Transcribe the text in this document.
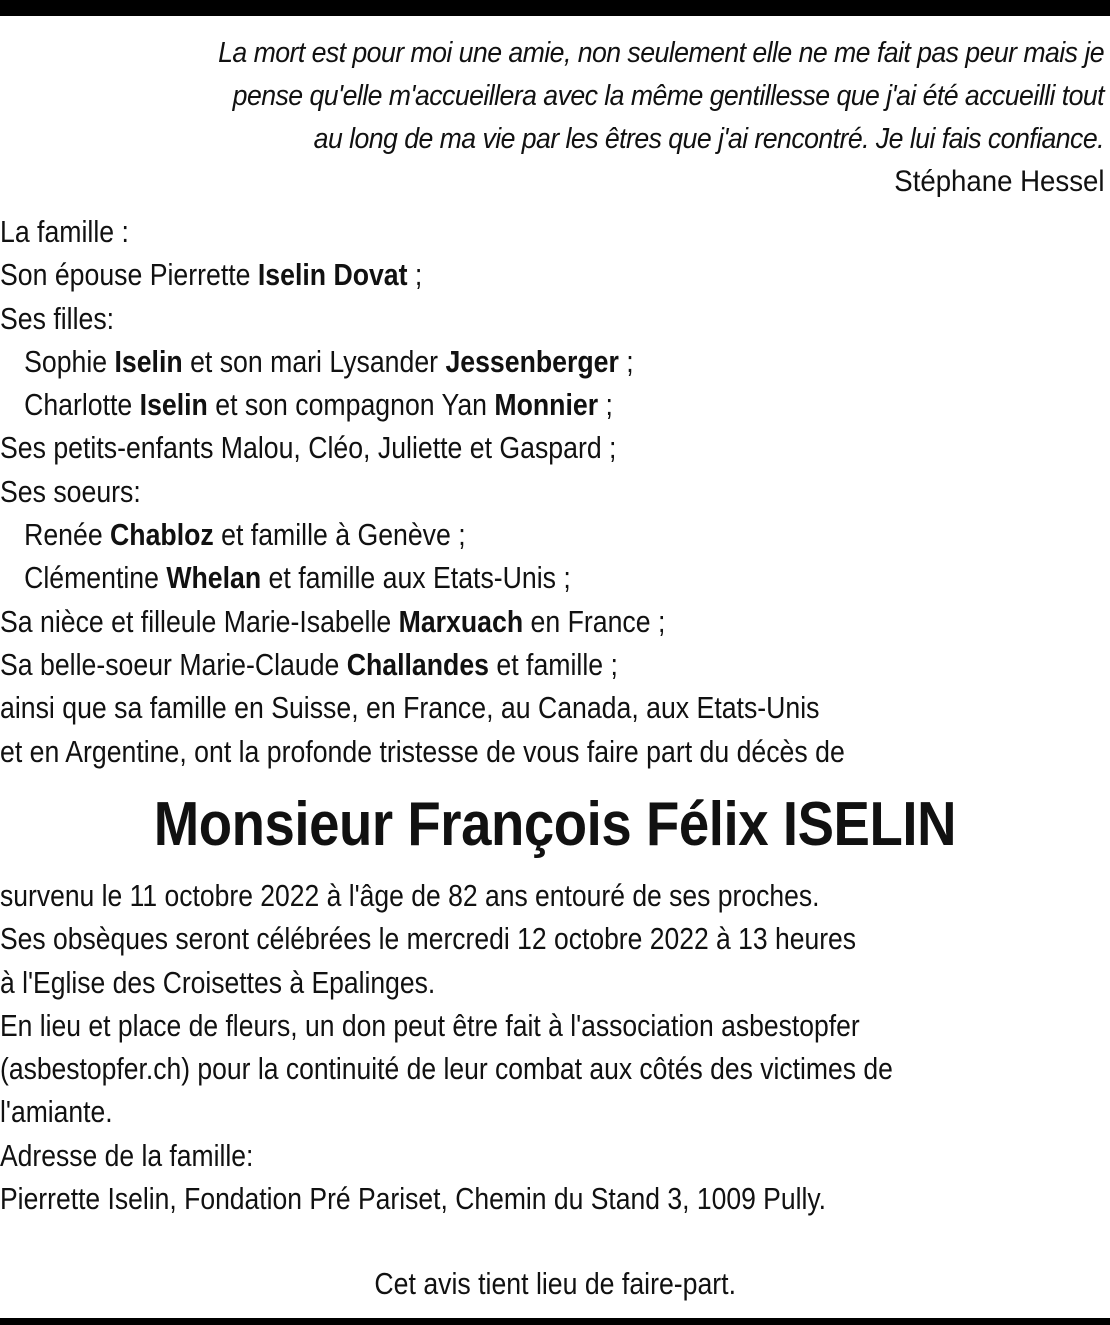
La mort est pour moi une amie, non seulement elle ne me fait pas peur mais je
pense qu'elle m'accueillera avec la même gentillesse que j'ai été accueilli tout
au long de ma vie par les êtres que j'ai rencontré. Je lui fais confiance.
Stéphane Hessel
La famille :
Son épouse Pierrette Iselin Dovat ;
Ses filles:
Sophie Iselin et son mari Lysander Jessenberger ;
Charlotte Iselin et son compagnon Yan Monnier ;
Ses petits-enfants Malou, Cléo, Juliette et Gaspard ;
Ses soeurs:
Renée Chabloz et famille à Genève ;
Clémentine Whelan et famille aux Etats-Unis ;
Sa nièce et filleule Marie-Isabelle Marxuach en France ;
Sa belle-soeur Marie-Claude Challandes et famille ;
ainsi que sa famille en Suisse, en France, au Canada, aux Etats-Unis
et en Argentine, ont la profonde tristesse de vous faire part du décès de
Monsieur François Félix ISELIN
survenu le 11 octobre 2022 à l'âge de 82 ans entouré de ses proches.
Ses obsèques seront célébrées le mercredi 12 octobre 2022 à 13 heures
à l'Eglise des Croisettes à Epalinges.
En lieu et place de fleurs, un don peut être fait à l'association asbestopfer
(asbestopfer.ch) pour la continuité de leur combat aux côtés des victimes de
l'amiante.
Adresse de la famille:
Pierrette Iselin, Fondation Pré Pariset, Chemin du Stand 3, 1009 Pully.
Cet avis tient lieu de faire-part.
